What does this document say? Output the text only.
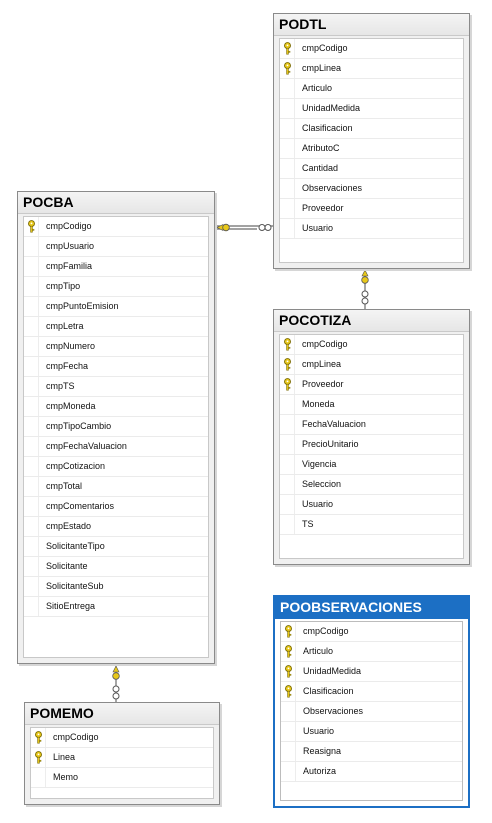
PODTL
cmpCodigo
cmpLinea
Articulo
UnidadMedida
Clasificacion
AtributoC
Cantidad
Observaciones
Proveedor
Usuario
POCBA
cmpCodigo
cmpUsuario
cmpFamilia
cmpTipo
cmpPuntoEmision
cmpLetra
cmpNumero
cmpFecha
cmpTS
cmpMoneda
cmpTipoCambio
cmpFechaValuacion
cmpCotizacion
cmpTotal
cmpComentarios
cmpEstado
SolicitanteTipo
Solicitante
SolicitanteSub
SitioEntrega
POCOTIZA
cmpCodigo
cmpLinea
Proveedor
Moneda
FechaValuacion
PrecioUnitario
Vigencia
Seleccion
Usuario
TS
POOBSERVACIONES
cmpCodigo
Articulo
UnidadMedida
Clasificacion
Observaciones
Usuario
Reasigna
Autoriza
POMEMO
cmpCodigo
Linea
Memo
